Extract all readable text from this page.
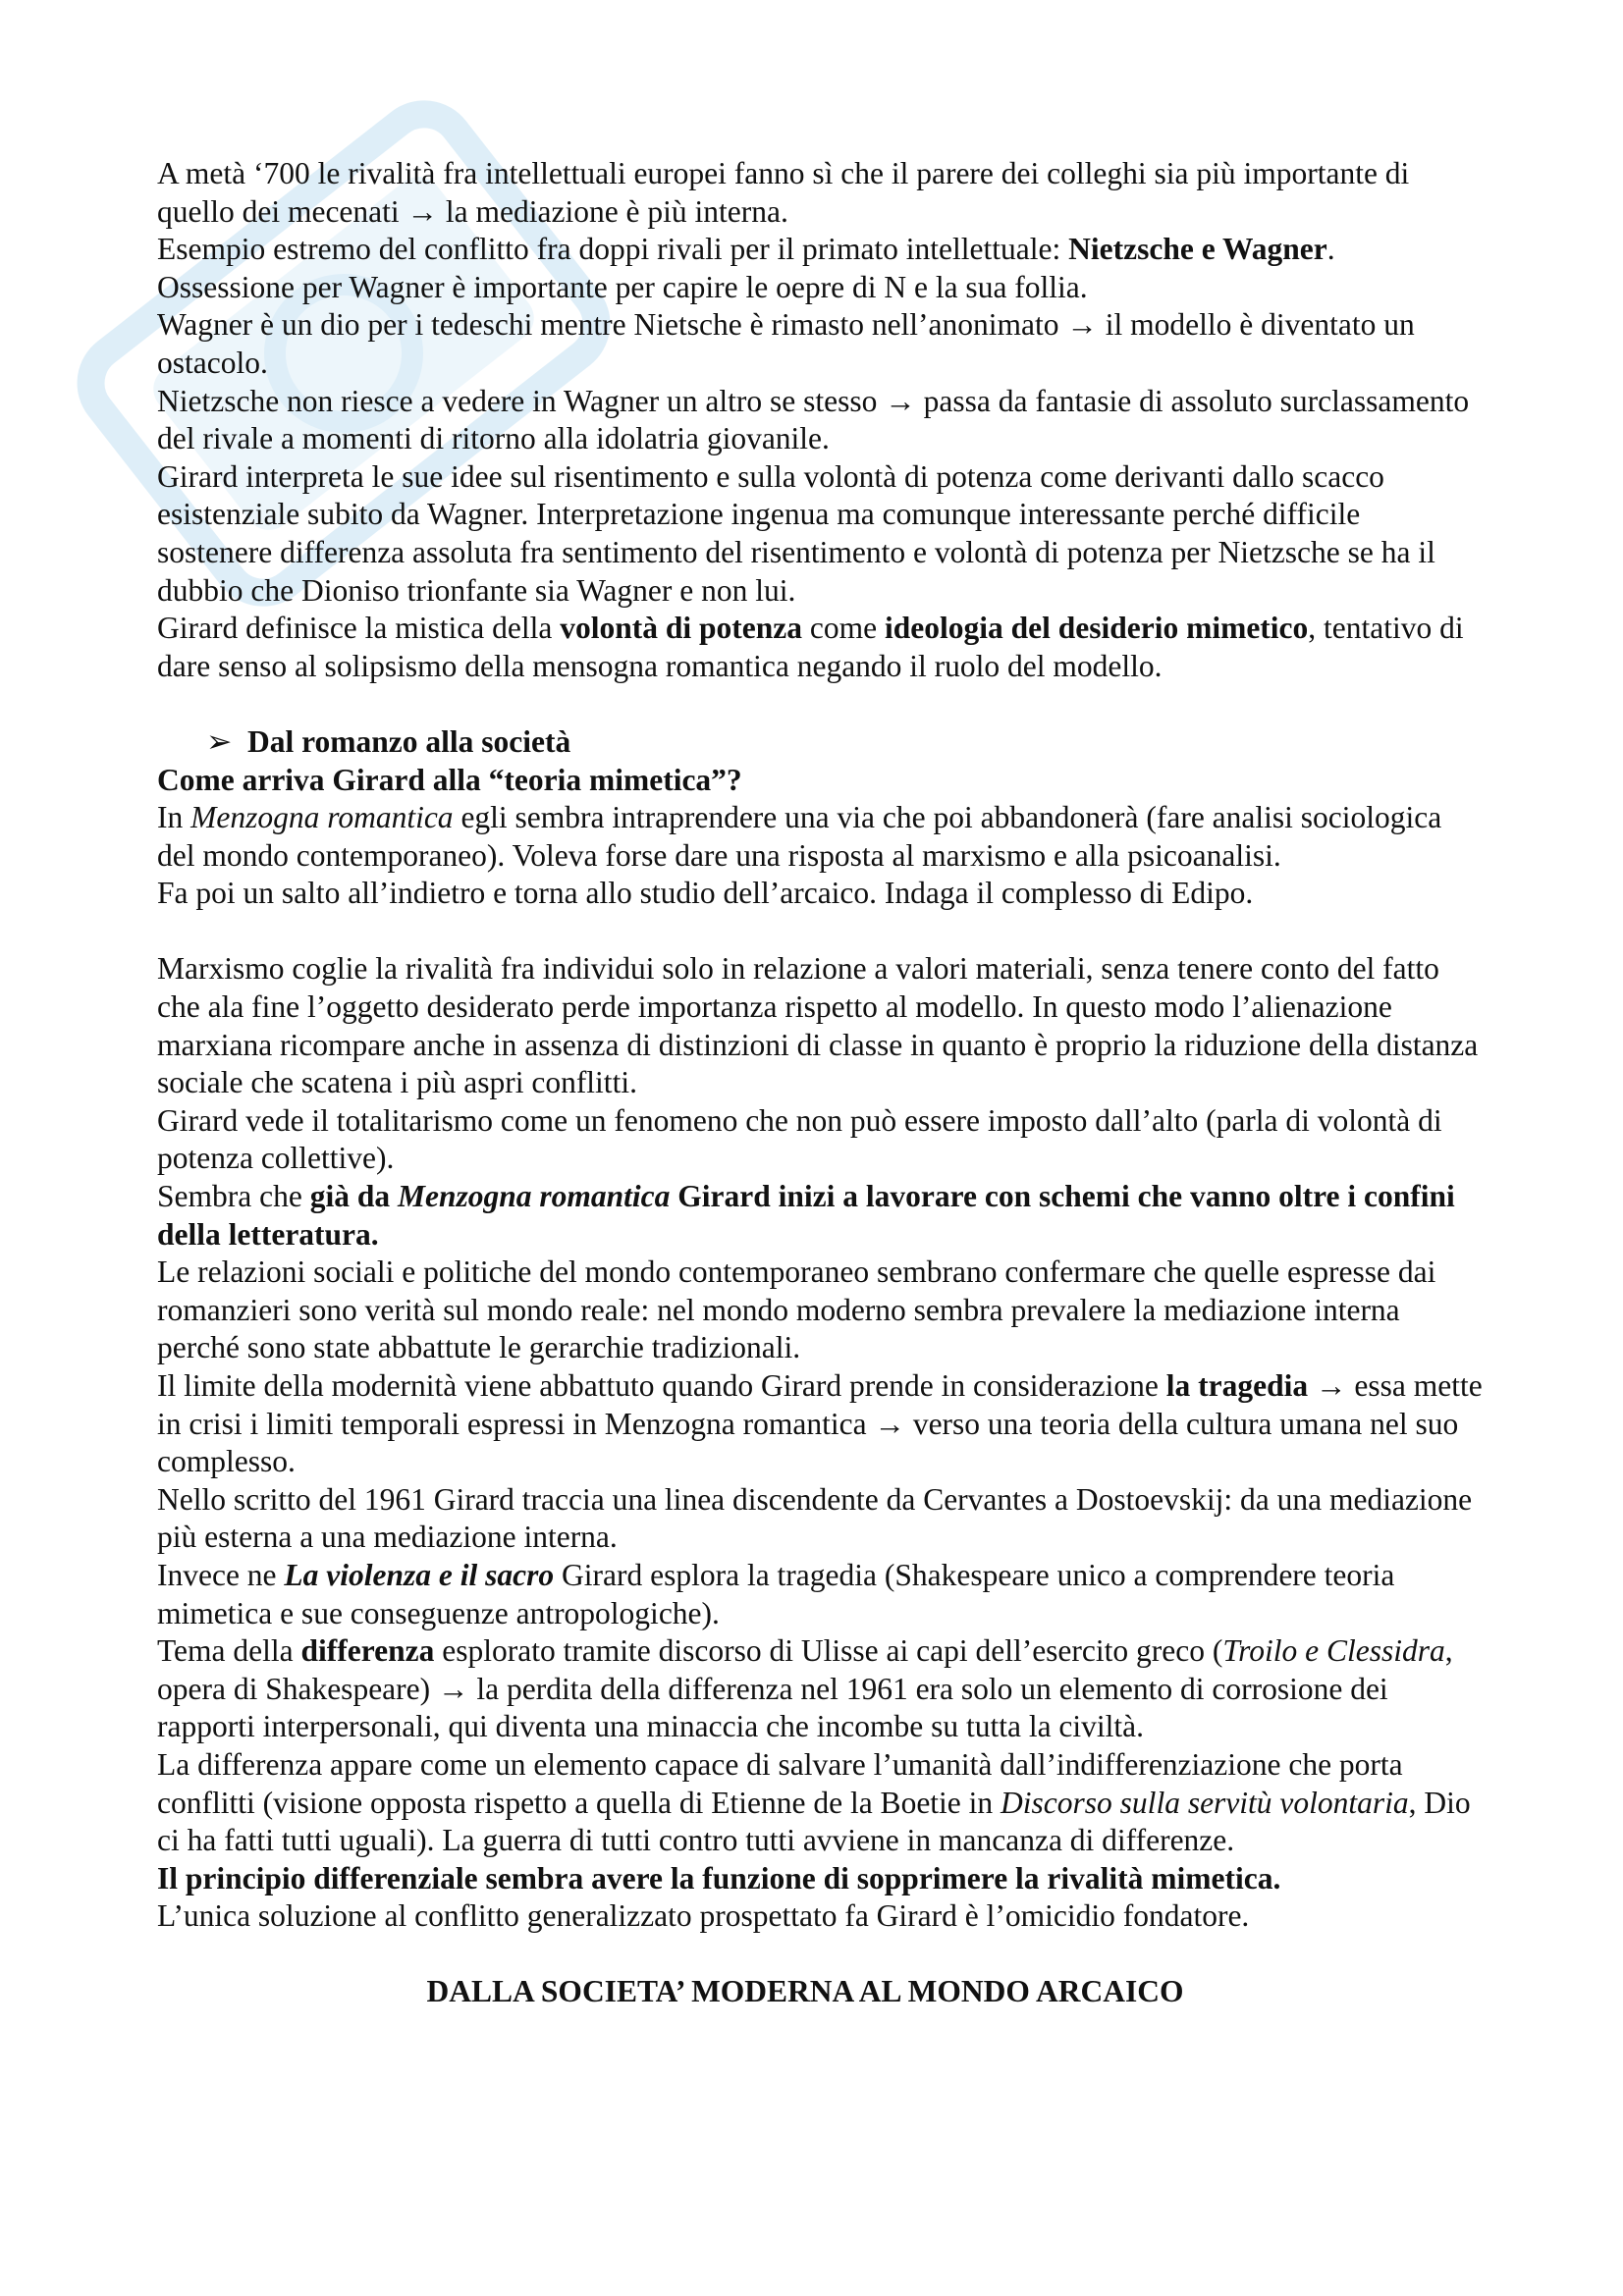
A metà ‘700 le rivalità fra intellettuali europei fanno sì che il parere dei colleghi sia più importante di quello dei mecenati → la mediazione è più interna.

Esempio estremo del conflitto fra doppi rivali per il primato intellettuale: Nietzsche e Wagner.

Ossessione per Wagner è importante per capire le oepre di N e la sua follia.

Wagner è un dio per i tedeschi mentre Nietsche è rimasto nell’anonimato → il modello è diventato un ostacolo.

Nietzsche non riesce a vedere in Wagner un altro se stesso → passa da fantasie di assoluto surclassamento del rivale a momenti di ritorno alla idolatria giovanile.

Girard interpreta le sue idee sul risentimento e sulla volontà di potenza come derivanti dallo scacco esistenziale subito da Wagner. Interpretazione ingenua ma comunque interessante perché difficile sostenere differenza assoluta fra sentimento del risentimento e volontà di potenza per Nietzsche se ha il dubbio che Dioniso trionfante sia Wagner e non lui.

Girard definisce la mistica della volontà di potenza come ideologia del desiderio mimetico, tentativo di dare senso al solipsismo della mensogna romantica negando il ruolo del modello.

➢ Dal romanzo alla società

Come arriva Girard alla “teoria mimetica”?

In Menzogna romantica egli sembra intraprendere una via che poi abbandonerà (fare analisi sociologica del mondo contemporaneo). Voleva forse dare una risposta al marxismo e alla psicoanalisi.

Fa poi un salto all’indietro e torna allo studio dell’arcaico. Indaga il complesso di Edipo.

Marxismo coglie la rivalità fra individui solo in relazione a valori materiali, senza tenere conto del fatto che ala fine l’oggetto desiderato perde importanza rispetto al modello. In questo modo l’alienazione marxiana ricompare anche in assenza di distinzioni di classe in quanto è proprio la riduzione della distanza sociale che scatena i più aspri conflitti.

Girard vede il totalitarismo come un fenomeno che non può essere imposto dall’alto (parla di volontà di potenza collettive).

Sembra che già da Menzogna romantica Girard inizi a lavorare con schemi che vanno oltre i confini della letteratura.

Le relazioni sociali e politiche del mondo contemporaneo sembrano confermare che quelle espresse dai romanzieri sono verità sul mondo reale: nel mondo moderno sembra prevalere la mediazione interna perché sono state abbattute le gerarchie tradizionali.

Il limite della modernità viene abbattuto quando Girard prende in considerazione la tragedia → essa mette in crisi i limiti temporali espressi in Menzogna romantica → verso una teoria della cultura umana nel suo complesso.

Nello scritto del 1961 Girard traccia una linea discendente da Cervantes a Dostoevskij: da una mediazione più esterna a una mediazione interna.

Invece ne La violenza e il sacro Girard esplora la tragedia (Shakespeare unico a comprendere teoria mimetica e sue conseguenze antropologiche).

Tema della differenza esplorato tramite discorso di Ulisse ai capi dell’esercito greco (Troilo e Clessidra, opera di Shakespeare) → la perdita della differenza nel 1961 era solo un elemento di corrosione dei rapporti interpersonali, qui diventa una minaccia che incombe su tutta la civiltà.

La differenza appare come un elemento capace di salvare l’umanità dall’indifferenziazione che porta conflitti (visione opposta rispetto a quella di Etienne de la Boetie in Discorso sulla servitù volontaria, Dio ci ha fatti tutti uguali). La guerra di tutti contro tutti avviene in mancanza di differenze.

Il principio differenziale sembra avere la funzione di sopprimere la rivalità mimetica.

L’unica soluzione al conflitto generalizzato prospettato fa Girard è l’omicidio fondatore.

DALLA SOCIETA’ MODERNA AL MONDO ARCAICO
